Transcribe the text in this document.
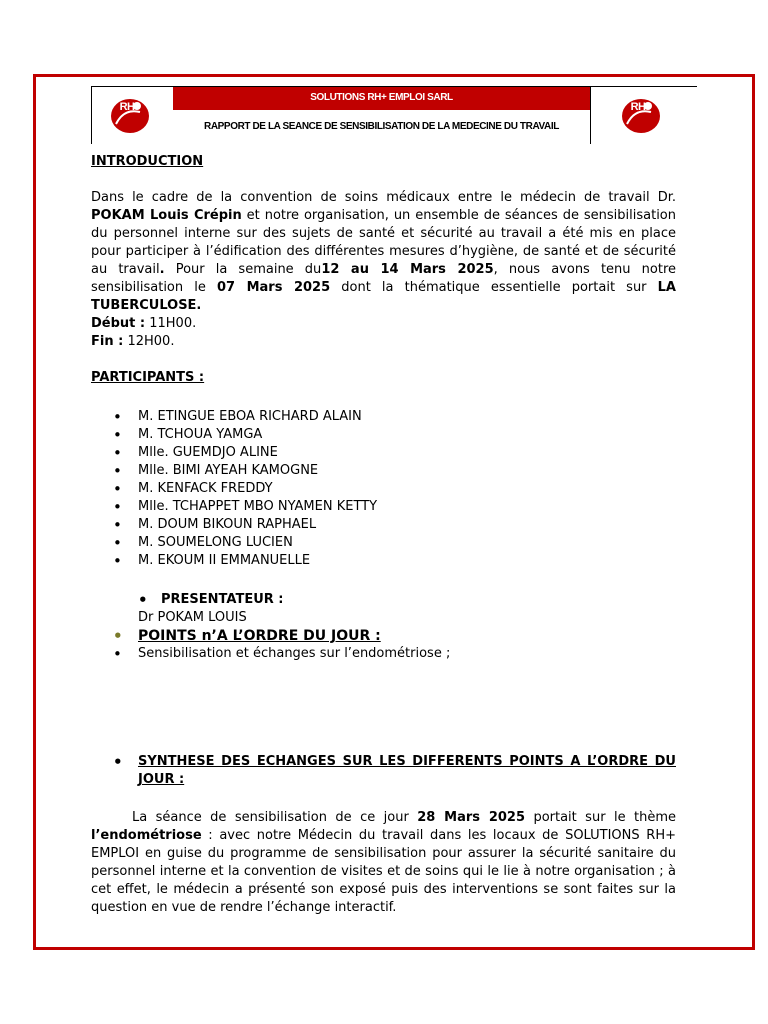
RH+
SOLUTIONS RH+ EMPLOI SARL
RAPPORT DE LA SEANCE DE SENSIBILISATION DE LA MEDECINE DU TRAVAIL
RH+

INTRODUCTION

Dans le cadre de la convention de soins médicaux entre le médecin de travail Dr. POKAM Louis Crépin et notre organisation, un ensemble de séances de sensibilisation du personnel interne sur des sujets de santé et sécurité au travail a été mis en place pour participer à l’édification des différentes mesures d’hygiène, de santé et de sécurité au travail. Pour la semaine du12 au 14 Mars 2025, nous avons tenu notre sensibilisation le 07 Mars 2025 dont la thématique essentielle portait sur LA TUBERCULOSE.

Début : 11H00.

Fin : 12H00.

PARTICIPANTS :

• M. ETINGUE EBOA RICHARD ALAIN
• M. TCHOUA YAMGA
• Mlle. GUEMDJO ALINE
• Mlle. BIMI AYEAH KAMOGNE
• M. KENFACK FREDDY
• Mlle. TCHAPPET MBO NYAMEN KETTY
• M. DOUM BIKOUN RAPHAEL
• M. SOUMELONG LUCIEN
• M. EKOUM II EMMANUELLE

• PRESENTATEUR :

Dr POKAM LOUIS

• POINTS n’A L’ORDRE DU JOUR :

• Sensibilisation et échanges sur l’endométriose ;

• SYNTHESE DES ECHANGES SUR LES DIFFERENTS POINTS A L’ORDRE DU JOUR :

La séance de sensibilisation de ce jour 28 Mars 2025 portait sur le thème l’endométriose : avec notre Médecin du travail dans les locaux de SOLUTIONS RH+ EMPLOI en guise du programme de sensibilisation pour assurer la sécurité sanitaire du personnel interne et la convention de visites et de soins qui le lie à notre organisation ; à cet effet, le médecin a présenté son exposé puis des interventions se sont faites sur la question en vue de rendre l’échange interactif.
